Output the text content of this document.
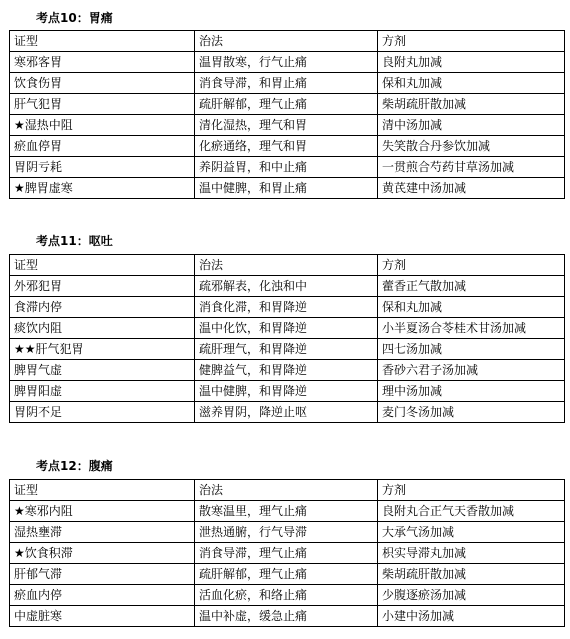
考点10：胃痛
证型	治法	方剂
寒邪客胃	温胃散寒，行气止痛	良附丸加减
饮食伤胃	消食导滞，和胃止痛	保和丸加减
肝气犯胃	疏肝解郁，理气止痛	柴胡疏肝散加减
★湿热中阻	清化湿热，理气和胃	清中汤加减
瘀血停胃	化瘀通络，理气和胃	失笑散合丹参饮加减
胃阴亏耗	养阴益胃，和中止痛	一贯煎合芍药甘草汤加减
★脾胃虚寒	温中健脾，和胃止痛	黄芪建中汤加减
考点11：呕吐
证型	治法	方剂
外邪犯胃	疏邪解表，化浊和中	藿香正气散加减
食滞内停	消食化滞，和胃降逆	保和丸加减
痰饮内阻	温中化饮，和胃降逆	小半夏汤合苓桂术甘汤加减
★★肝气犯胃	疏肝理气，和胃降逆	四七汤加减
脾胃气虚	健脾益气，和胃降逆	香砂六君子汤加减
脾胃阳虚	温中健脾，和胃降逆	理中汤加减
胃阴不足	滋养胃阴，降逆止呕	麦门冬汤加减
考点12：腹痛
证型	治法	方剂
★寒邪内阻	散寒温里，理气止痛	良附丸合正气天香散加减
湿热壅滞	泄热通腑，行气导滞	大承气汤加减
★饮食积滞	消食导滞，理气止痛	枳实导滞丸加减
肝郁气滞	疏肝解郁，理气止痛	柴胡疏肝散加减
瘀血内停	活血化瘀，和络止痛	少腹逐瘀汤加减
中虚脏寒	温中补虚，缓急止痛	小建中汤加减
